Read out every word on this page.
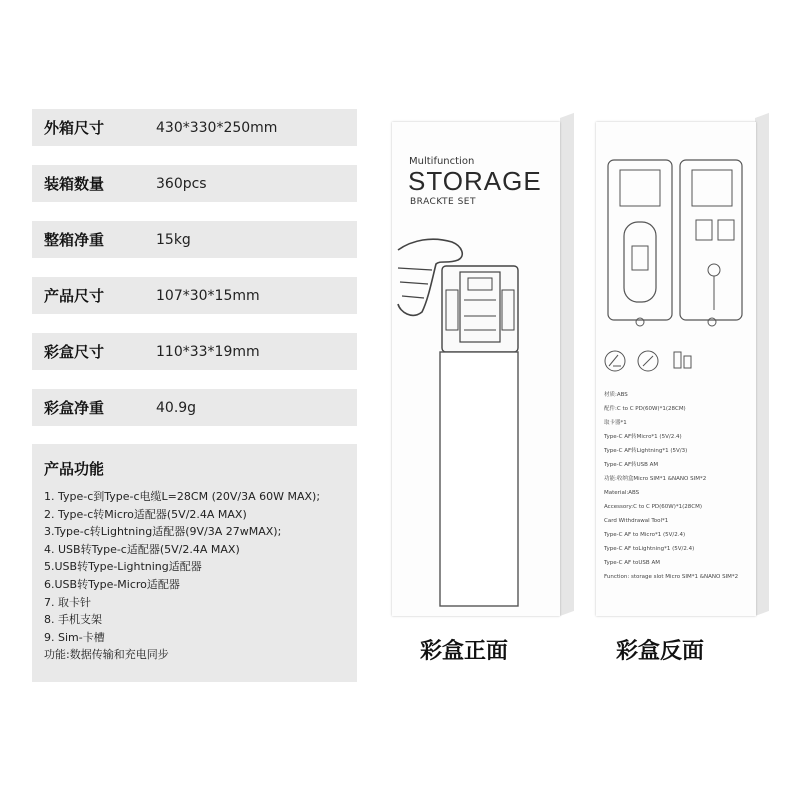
外箱尺寸	430*330*250mm
装箱数量	360pcs
整箱净重	15kg
产品尺寸	107*30*15mm
彩盒尺寸	110*33*19mm
彩盒净重	40.9g
产品功能
1. Type-c到Type-c电缆L=28CM (20V/3A 60W MAX);
2. Type-c转Micro适配器(5V/2.4A MAX)
3.Type-c转Lightning适配器(9V/3A 27wMAX);
4. USB转Type-c适配器(5V/2.4A MAX)
5.USB转Type-Lightning适配器
6.USB转Type-Micro适配器
7. 取卡针
8. 手机支架
9. Sim-卡槽
功能:数据传输和充电同步
Multifunction
STORAGE
BRACKTE SET
彩盒正面
材质:ABS
配件:C to C PD(60W)*1(28CM)
取卡器*1
Type-C AF转Micro*1 (5V/2.4)
Type-C AF转Lightning*1 (5V/3)
Type-C AF转USB AM
功能:收纳盒Micro SIM*1 &NANO SIM*2
Material:ABS
Accessory:C to C PD(60W)*1(28CM)
Card Withdrawal Tool*1
Type-C AF to Micro*1 (5V/2.4)
Type-C AF toLightning*1 (5V/2.4)
Type-C AF toUSB AM
Function: storage slot Micro SIM*1 &NANO SIM*2
彩盒反面
